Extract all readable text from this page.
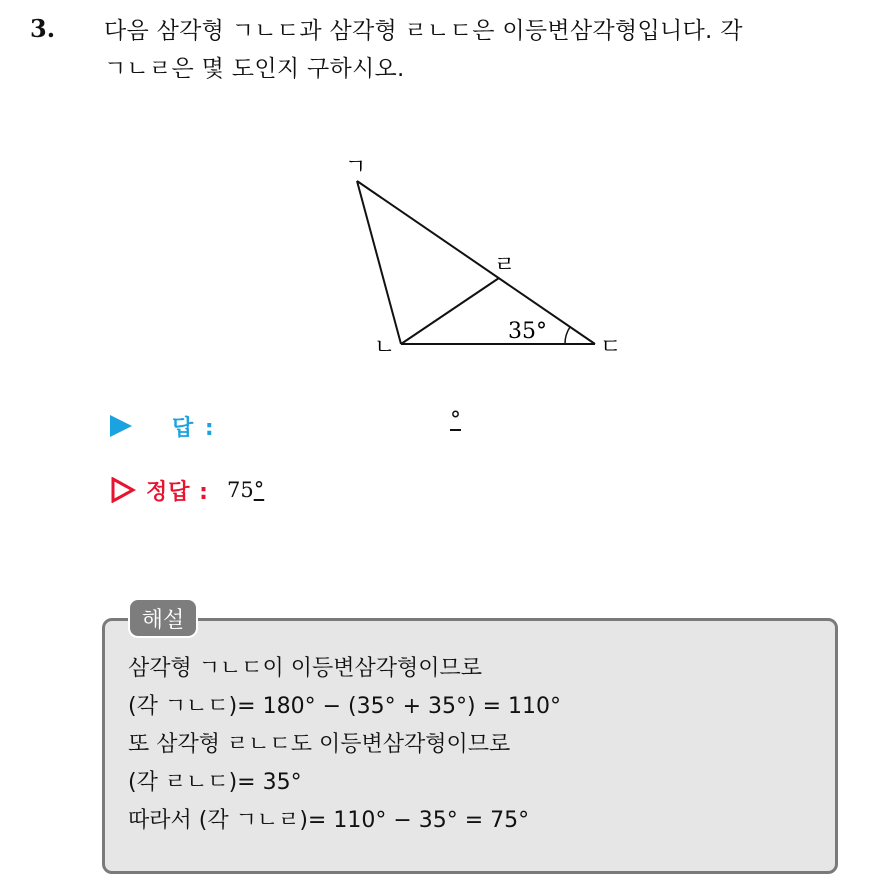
3. 다음 삼각형 ㄱㄴㄷ과 삼각형 ㄹㄴㄷ은 이등변삼각형입니다. 각
ㄱㄴㄹ은 몇 도인지 구하시오.
ㄱ
ㄴ	ㄷ
ㄹ
35°
답 :	°
정답 : 75°
해설
삼각형 ㄱㄴㄷ이 이등변삼각형이므로
(각 ㄱㄴㄷ)= 180° − (35° + 35°) = 110°
또 삼각형 ㄹㄴㄷ도 이등변삼각형이므로
(각 ㄹㄴㄷ)= 35°
따라서 (각 ㄱㄴㄹ)= 110° − 35° = 75°
